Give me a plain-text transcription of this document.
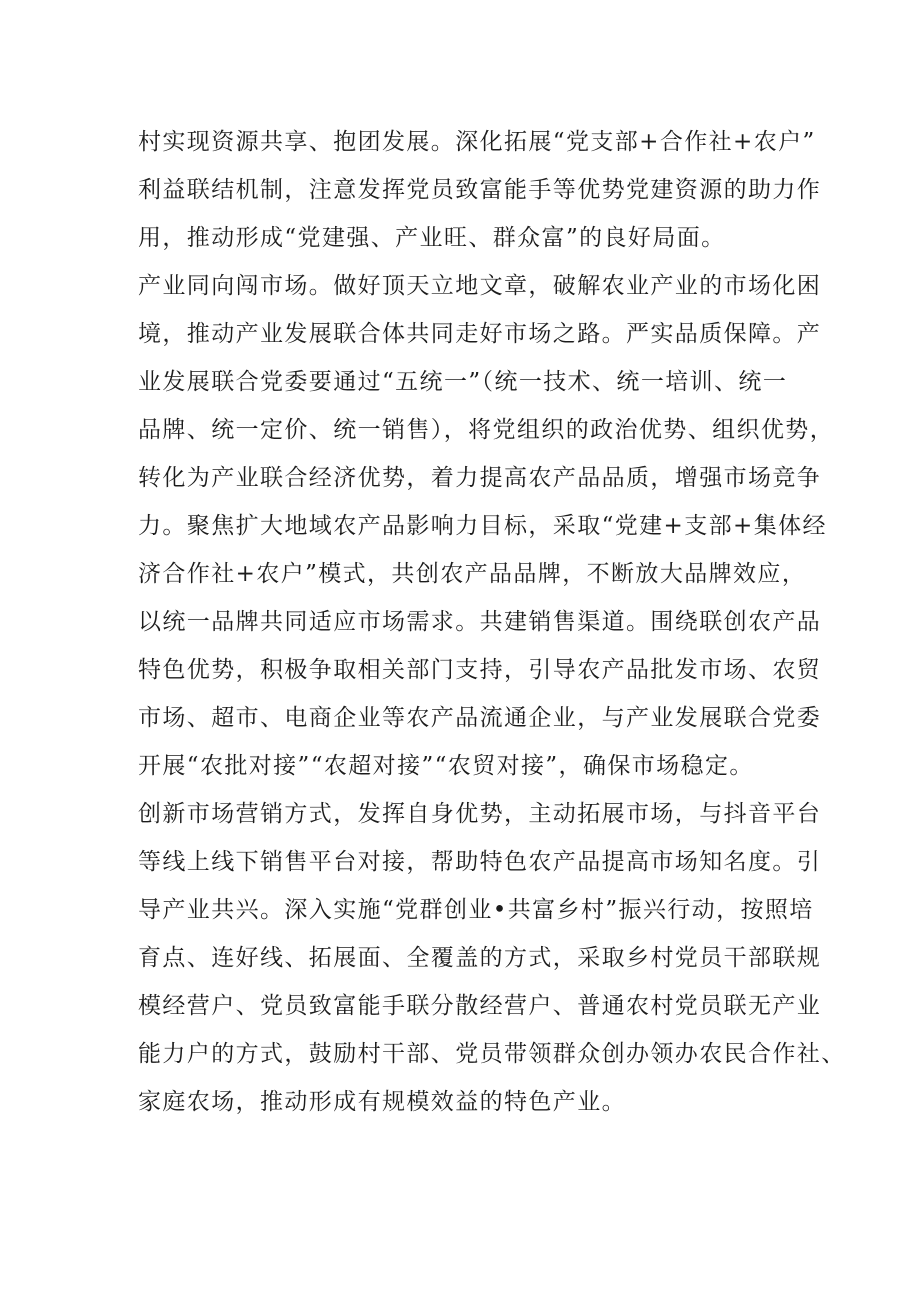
村实现资源共享、抱团发展。深化拓展“党支部+合作社+农户”
利益联结机制，注意发挥党员致富能手等优势党建资源的助力作
用，推动形成“党建强、产业旺、群众富”的良好局面。
产业同向闯市场。做好顶天立地文章，破解农业产业的市场化困
境，推动产业发展联合体共同走好市场之路。严实品质保障。产
业发展联合党委要通过“五统一”（统一技术、统一培训、统一
品牌、统一定价、统一销售），将党组织的政治优势、组织优势，
转化为产业联合经济优势，着力提高农产品品质，增强市场竞争
力。聚焦扩大地域农产品影响力目标，采取“党建+支部+集体经
济合作社+农户”模式，共创农产品品牌，不断放大品牌效应，
以统一品牌共同适应市场需求。共建销售渠道。围绕联创农产品
特色优势，积极争取相关部门支持，引导农产品批发市场、农贸
市场、超市、电商企业等农产品流通企业，与产业发展联合党委
开展“农批对接”“农超对接”“农贸对接”，确保市场稳定。
创新市场营销方式，发挥自身优势，主动拓展市场，与抖音平台
等线上线下销售平台对接，帮助特色农产品提高市场知名度。引
导产业共兴。深入实施“党群创业•共富乡村”振兴行动，按照培
育点、连好线、拓展面、全覆盖的方式，采取乡村党员干部联规
模经营户、党员致富能手联分散经营户、普通农村党员联无产业
能力户的方式，鼓励村干部、党员带领群众创办领办农民合作社、
家庭农场，推动形成有规模效益的特色产业。
